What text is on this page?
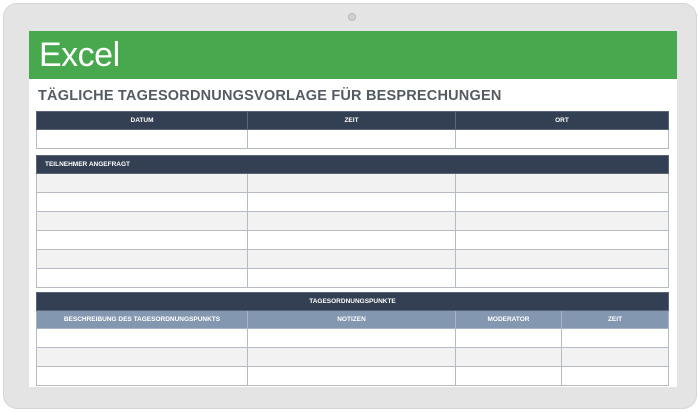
Excel
TÄGLICHE TAGESORDNUNGSVORLAGE FÜR BESPRECHUNGEN
DATUM	ZEIT	ORT

TEILNEHMER ANGEFRAGT		

TAGESORDNUNGSPUNKTE			
BESCHREIBUNG DES TAGESORDNUNGSPUNKTS	NOTIZEN	MODERATOR	ZEIT
